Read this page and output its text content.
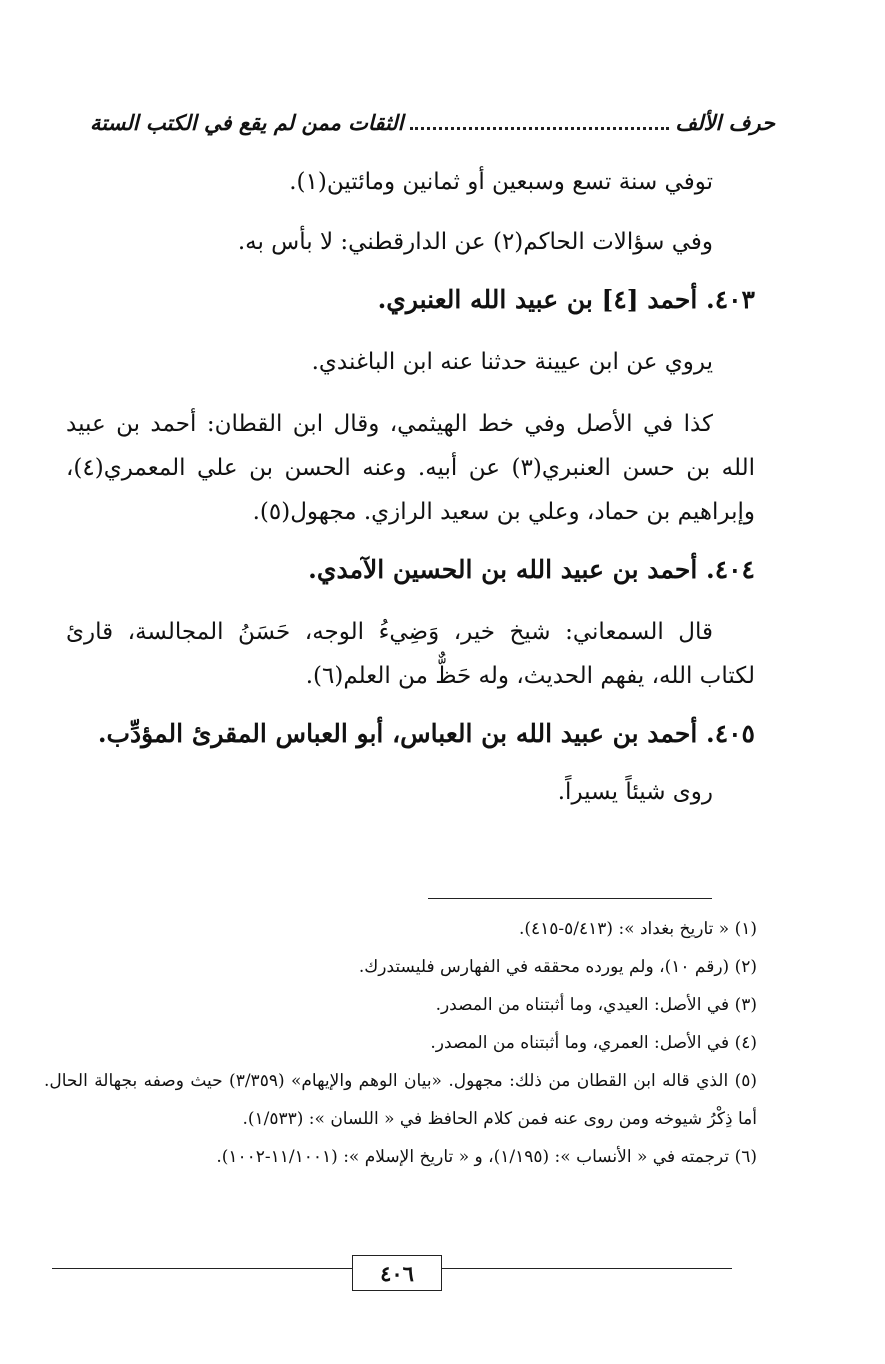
حرف الألف
الثقات ممن لم يقع في الكتب الستة
توفي سنة تسع وسبعين أو ثمانين ومائتين(١).
وفي سؤالات الحاكم(٢) عن الدارقطني: لا بأس به.
٤٠٣. أحمد [٤] بن عبيد الله العنبري.
يروي عن ابن عيينة حدثنا عنه ابن الباغندي.
كذا في الأصل وفي خط الهيثمي، وقال ابن القطان: أحمد بن عبيد الله بن حسن العنبري(٣) عن أبيه. وعنه الحسن بن علي المعمري(٤)، وإبراهيم بن حماد، وعلي بن سعيد الرازي. مجهول(٥).
٤٠٤. أحمد بن عبيد الله بن الحسين الآمدي.
قال السمعاني: شيخ خير، وَضِيءُ الوجه، حَسَنُ المجالسة، قارئ لكتاب الله، يفهم الحديث، وله حَظٌّ من العلم(٦).
٤٠٥. أحمد بن عبيد الله بن العباس، أبو العباس المقرئ المؤدِّب.
روى شيئاً يسيراً.

(١) « تاريخ بغداد »: (٥/٤١٣-٤١٥).

(٢) (رقم ١٠)، ولم يورده محققه في الفهارس فليستدرك.

(٣) في الأصل: العيدي، وما أثبتناه من المصدر.

(٤) في الأصل: العمري، وما أثبتناه من المصدر.

(٥) الذي قاله ابن القطان من ذلك: مجهول. «بيان الوهم والإيهام» (٣/٣٥٩) حيث وصفه بجهالة الحال. أما ذِكْرُ شيوخه ومن روى عنه فمن كلام الحافظ في « اللسان »: (١/٥٣٣).

(٦) ترجمته في « الأنساب »: (١/١٩٥)، و « تاريخ الإسلام »: (١١/١٠٠١-١٠٠٢).

٤٠٦
